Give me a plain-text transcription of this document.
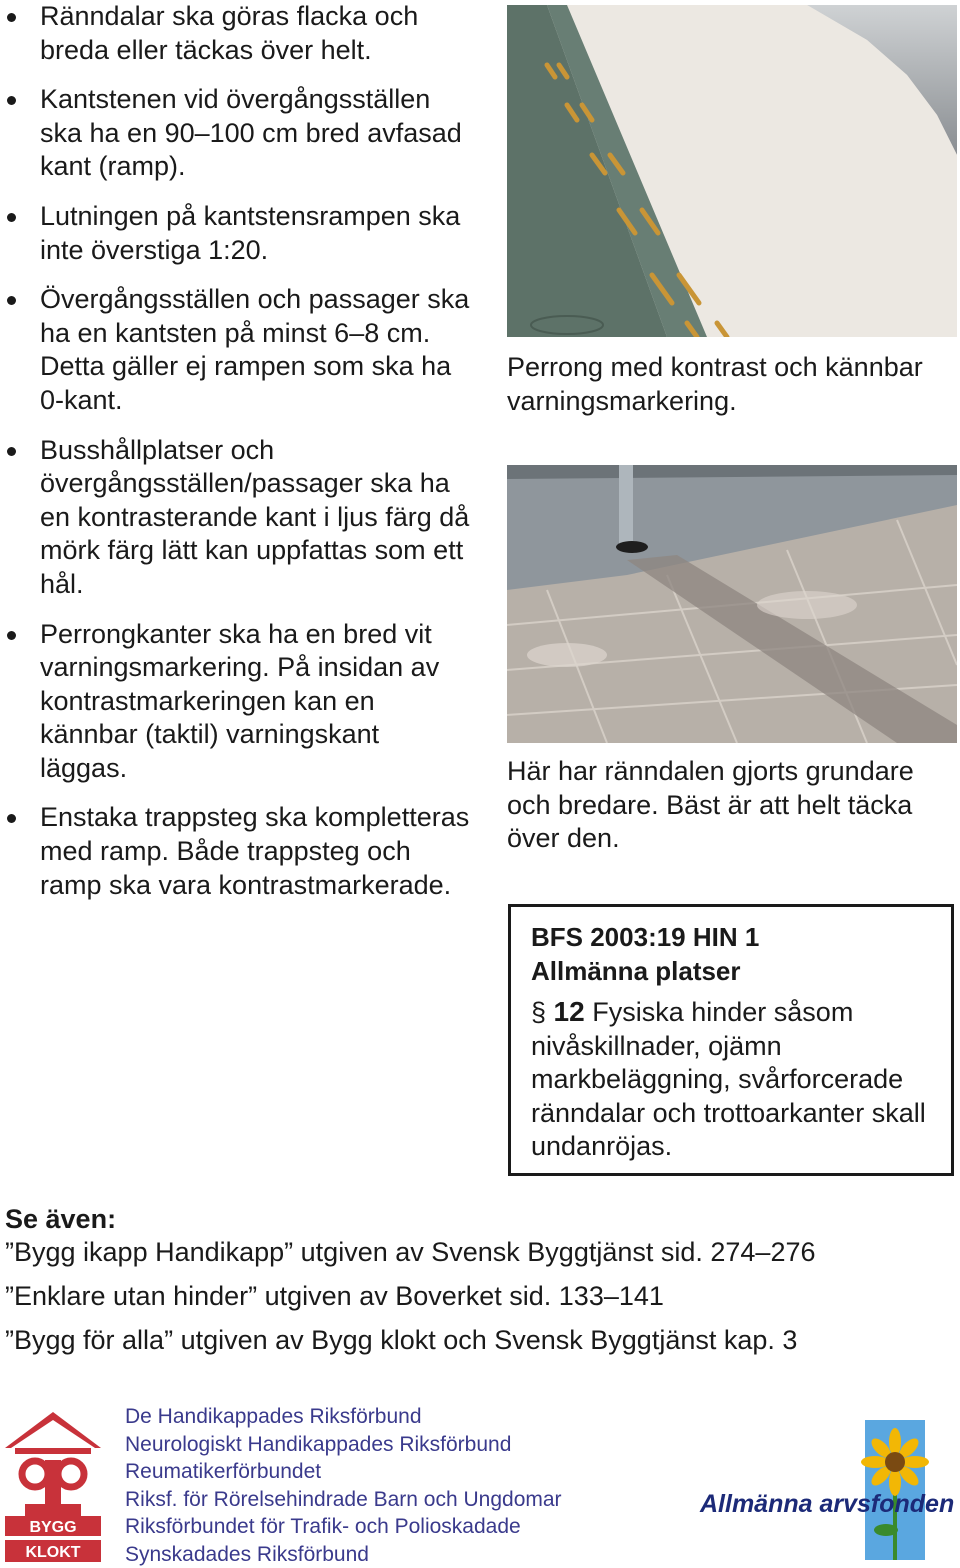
Ränndalar ska göras flacka och breda eller täckas över helt.
Kantstenen vid övergångsställen ska ha en 90–100 cm bred avfasad kant (ramp).
Lutningen på kantstensrampen ska inte överstiga 1:20.
Övergångsställen och passager ska ha en kantsten på minst 6–8 cm. Detta gäller ej rampen som ska ha 0-kant.
Busshållplatser och övergångsställen/passager ska ha en kontrasterande kant i ljus färg då mörk färg lätt kan uppfattas som ett hål.
Perrongkanter ska ha en bred vit varningsmarkering. På insidan av kontrastmarkeringen kan en kännbar (taktil) varningskant läggas.
Enstaka trappsteg ska kompletteras med ramp. Både trappsteg och ramp ska vara kontrastmarkerade.
Perrong med kontrast och kännbar varningsmarkering.
Här har ränndalen gjorts grundare och bredare. Bäst är att helt täcka över den.
BFS 2003:19 HIN 1
Allmänna platser
§ 12 Fysiska hinder såsom nivåskillnader, ojämn markbeläggning, svårforcerade ränndalar och trottoarkanter skall undanröjas.
Se även:
”Bygg ikapp Handikapp” utgiven av Svensk Byggtjänst sid. 274–276
”Enklare utan hinder” utgiven av Boverket sid. 133–141
”Bygg för alla” utgiven av Bygg klokt och Svensk Byggtjänst kap. 3
BYGG
KLOKT
De Handikappades Riksförbund
Neurologiskt Handikappades Riksförbund
Reumatikerförbundet
Riksf. för Rörelsehindrade Barn och Ungdomar
Riksförbundet för Trafik- och Polioskadade
Synskadades Riksförbund
Allmänna arvsfonden
